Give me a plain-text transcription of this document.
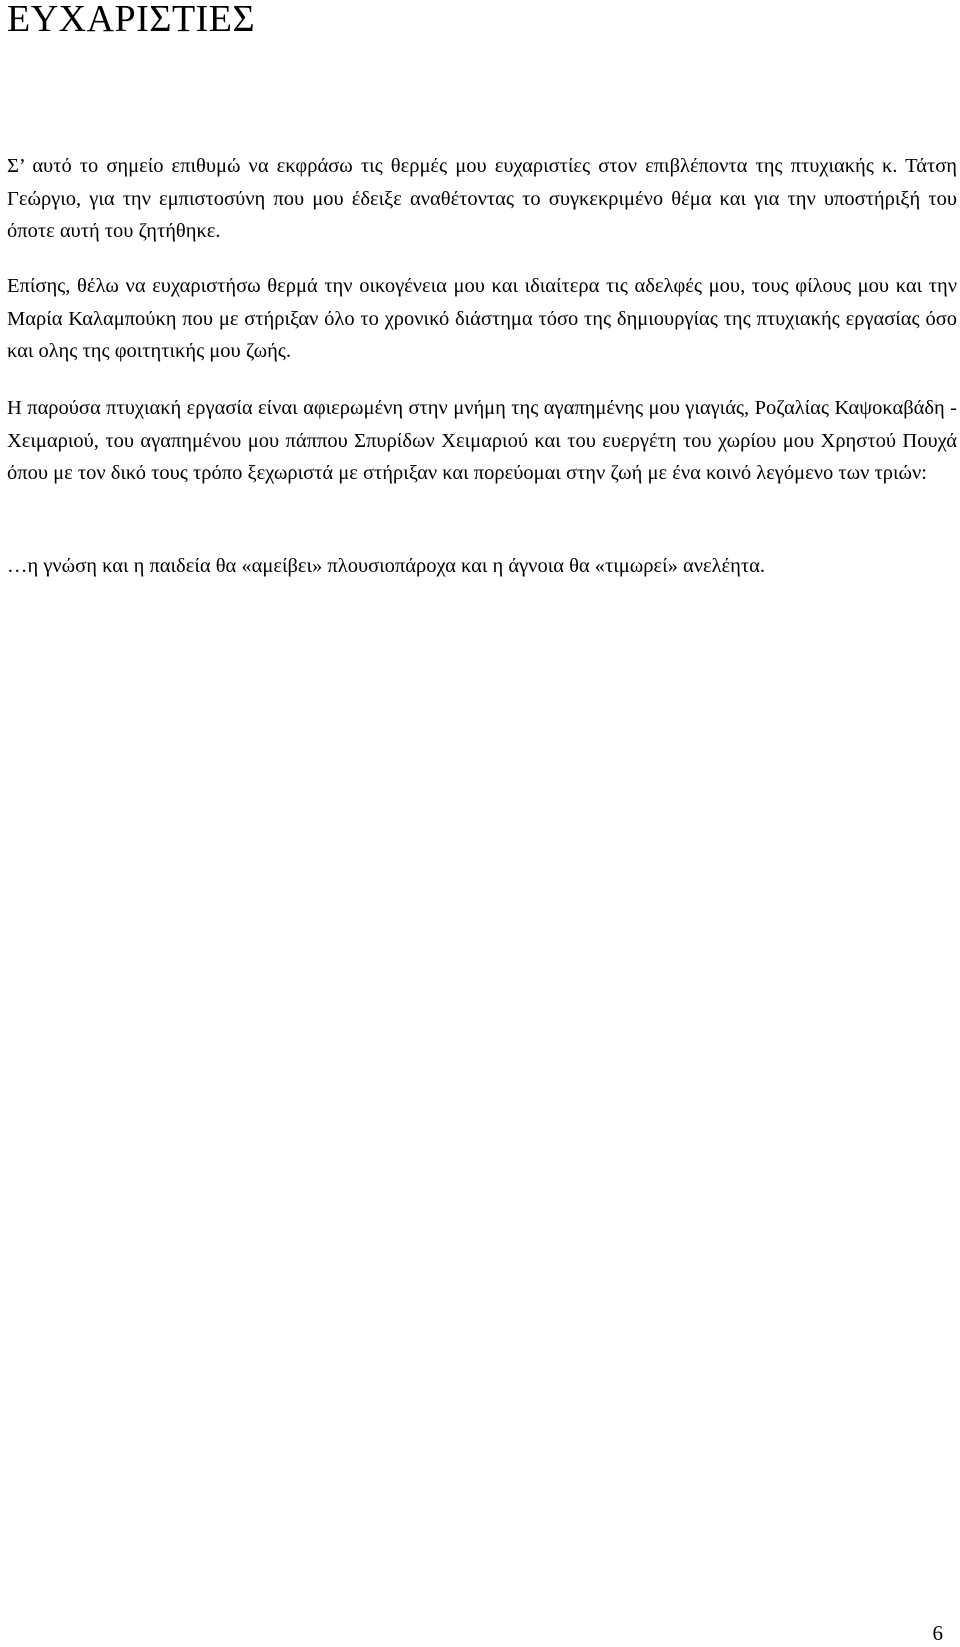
ΕΥΧΑΡΙΣΤΙΕΣ

Σ’ αυτό το σημείο επιθυμώ να εκφράσω τις θερμές μου ευχαριστίες στον επιβλέποντα της πτυχιακής κ. Τάτση Γεώργιο, για την εμπιστοσύνη που μου έδειξε αναθέτοντας το συγκεκριμένο θέμα και για την υποστήριξή του όποτε αυτή του ζητήθηκε.

Επίσης, θέλω να ευχαριστήσω θερμά την οικογένεια μου και ιδιαίτερα τις αδελφές μου, τους φίλους μου και την Μαρία Καλαμπούκη που με στήριξαν όλο το χρονικό διάστημα τόσο της δημιουργίας της πτυχιακής εργασίας όσο και ολης της φοιτητικής μου ζωής.

Η παρούσα πτυχιακή εργασία είναι αφιερωμένη στην μνήμη της αγαπημένης μου γιαγιάς, Ροζαλίας Καψοκαβάδη - Χειμαριού, του αγαπημένου μου πάππου Σπυρίδων Χειμαριού και του ευεργέτη του χωρίου μου Χρηστού Πουχά όπου με τον δικό τους τρόπο ξεχωριστά με στήριξαν και πορεύομαι στην ζωή με ένα κοινό λεγόμενο των τριών:

…η γνώση και η παιδεία θα «αμείβει» πλουσιοπάροχα και η άγνοια θα «τιμωρεί» ανελέητα.

6
